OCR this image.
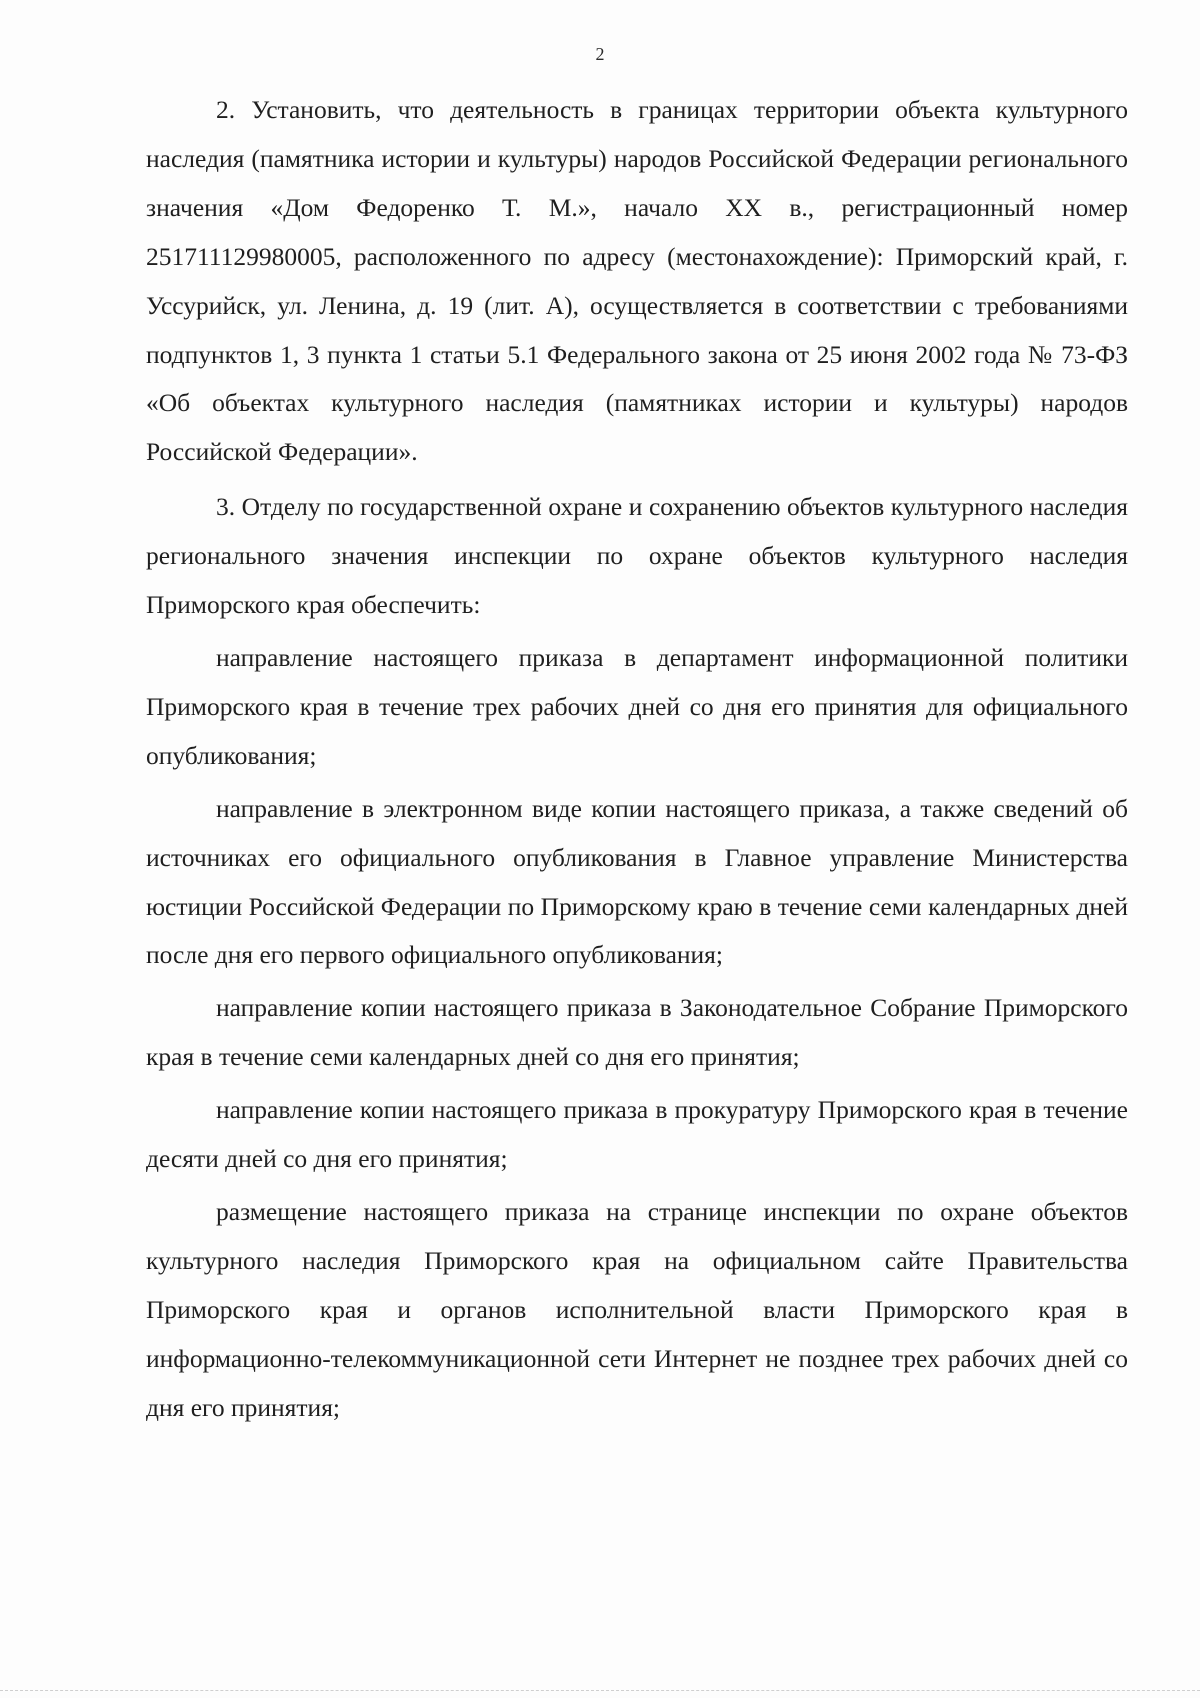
2

2. Установить, что деятельность в границах территории объекта культурного наследия (памятника истории и культуры) народов Российской Федерации регионального значения «Дом Федоренко Т. М.», начало XX в., регистрационный номер 251711129980005, расположенного по адресу (местонахождение): Приморский край, г. Уссурийск, ул. Ленина, д. 19 (лит. А), осуществляется в соответствии с требованиями подпунктов 1, 3 пункта 1 статьи 5.1 Федерального закона от 25 июня 2002 года № 73-ФЗ «Об объектах культурного наследия (памятниках истории и культуры) народов Российской Федерации».

3. Отделу по государственной охране и сохранению объектов культурного наследия регионального значения инспекции по охране объектов культурного наследия Приморского края обеспечить:

направление настоящего приказа в департамент информационной политики Приморского края в течение трех рабочих дней со дня его принятия для официального опубликования;

направление в электронном виде копии настоящего приказа, а также сведений об источниках его официального опубликования в Главное управление Министерства юстиции Российской Федерации по Приморскому краю в течение семи календарных дней после дня его первого официального опубликования;

направление копии настоящего приказа в Законодательное Собрание Приморского края в течение семи календарных дней со дня его принятия;

направление копии настоящего приказа в прокуратуру Приморского края в течение десяти дней со дня его принятия;

размещение настоящего приказа на странице инспекции по охране объектов культурного наследия Приморского края на официальном сайте Правительства Приморского края и органов исполнительной власти Приморского края в информационно-телекоммуникационной сети Интернет не позднее трех рабочих дней со дня его принятия;
